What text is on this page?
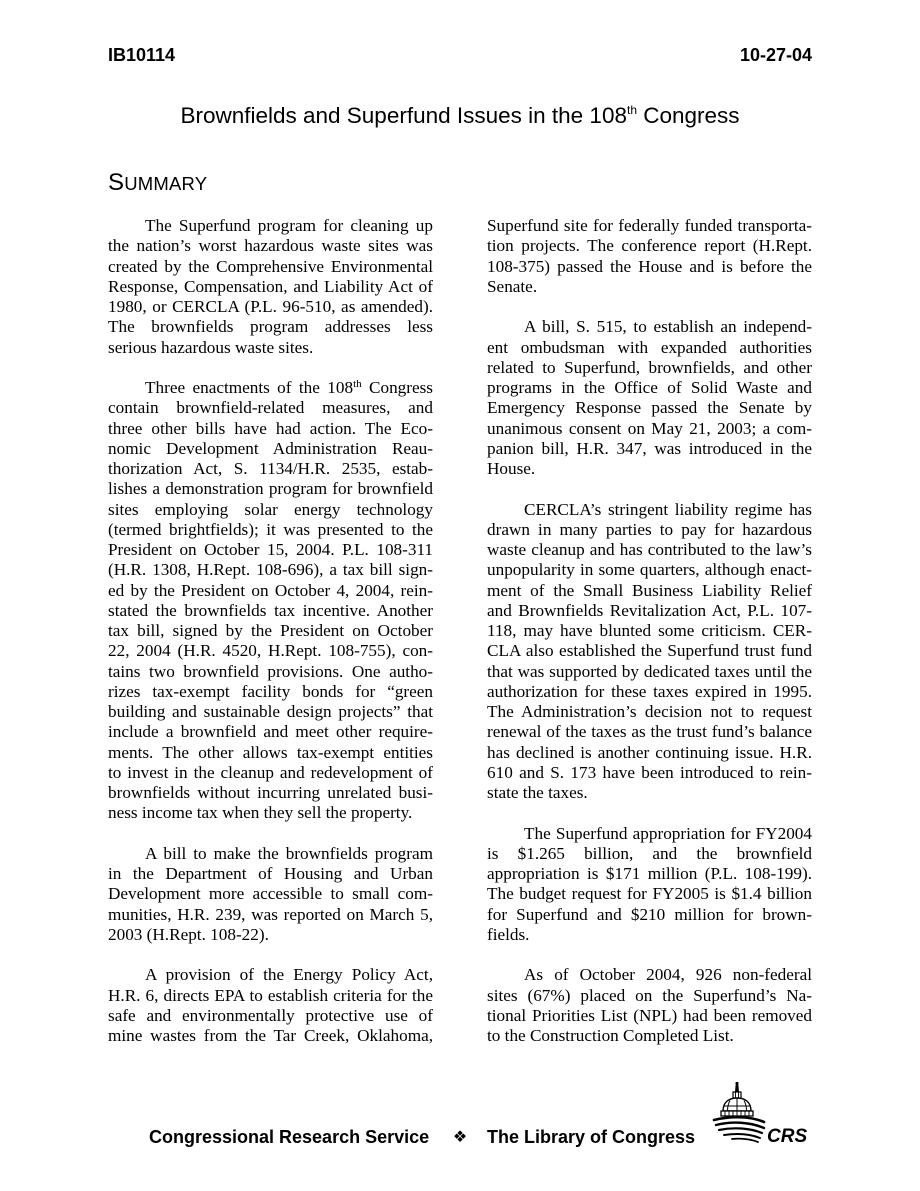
IB10114	10-27-04
Brownfields and Superfund Issues in the 108th Congress
SUMMARY
The Superfund program for cleaning up
the nation’s worst hazardous waste sites was
created by the Comprehensive Environmental
Response, Compensation, and Liability Act of
1980, or CERCLA (P.L. 96-510, as amended).
The brownfields program addresses less
serious hazardous waste sites.
Three enactments of the 108th Congress
contain brownfield-related measures, and
three other bills have had action. The Eco-
nomic Development Administration Reau-
thorization Act, S. 1134/H.R. 2535, estab-
lishes a demonstration program for brownfield
sites employing solar energy technology
(termed brightfields); it was presented to the
President on October 15, 2004. P.L. 108-311
(H.R. 1308, H.Rept. 108-696), a tax bill sign-
ed by the President on October 4, 2004, rein-
stated the brownfields tax incentive. Another
tax bill, signed by the President on October
22, 2004 (H.R. 4520, H.Rept. 108-755), con-
tains two brownfield provisions. One autho-
rizes tax-exempt facility bonds for “green
building and sustainable design projects” that
include a brownfield and meet other require-
ments. The other allows tax-exempt entities
to invest in the cleanup and redevelopment of
brownfields without incurring unrelated busi-
ness income tax when they sell the property.
A bill to make the brownfields program
in the Department of Housing and Urban
Development more accessible to small com-
munities, H.R. 239, was reported on March 5,
2003 (H.Rept. 108-22).
A provision of the Energy Policy Act,
H.R. 6, directs EPA to establish criteria for the
safe and environmentally protective use of
mine wastes from the Tar Creek, Oklahoma,
Superfund site for federally funded transporta-
tion projects. The conference report (H.Rept.
108-375) passed the House and is before the
Senate.
A bill, S. 515, to establish an independ-
ent ombudsman with expanded authorities
related to Superfund, brownfields, and other
programs in the Office of Solid Waste and
Emergency Response passed the Senate by
unanimous consent on May 21, 2003; a com-
panion bill, H.R. 347, was introduced in the
House.
CERCLA’s stringent liability regime has
drawn in many parties to pay for hazardous
waste cleanup and has contributed to the law’s
unpopularity in some quarters, although enact-
ment of the Small Business Liability Relief
and Brownfields Revitalization Act, P.L. 107-
118, may have blunted some criticism. CER-
CLA also established the Superfund trust fund
that was supported by dedicated taxes until the
authorization for these taxes expired in 1995.
The Administration’s decision not to request
renewal of the taxes as the trust fund’s balance
has declined is another continuing issue. H.R.
610 and S. 173 have been introduced to rein-
state the taxes.
The Superfund appropriation for FY2004
is $1.265 billion, and the brownfield
appropriation is $171 million (P.L. 108-199).
The budget request for FY2005 is $1.4 billion
for Superfund and $210 million for brown-
fields.
As of October 2004, 926 non-federal
sites (67%) placed on the Superfund’s Na-
tional Priorities List (NPL) had been removed
to the Construction Completed List.
Congressional Research Service ❖ The Library of Congress	CRS
